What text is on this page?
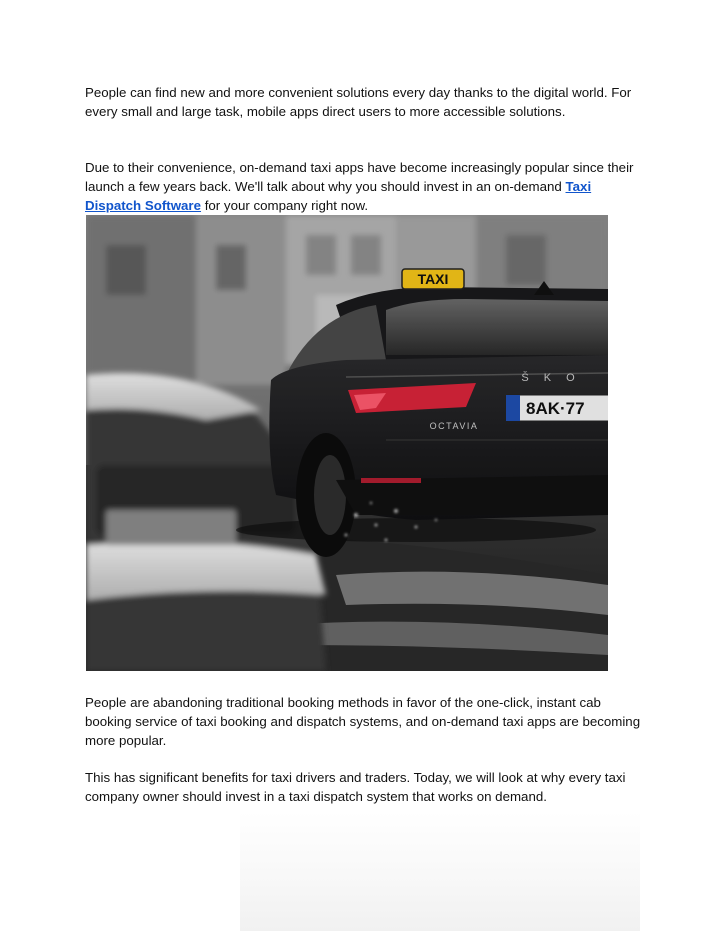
People can find new and more convenient solutions every day thanks to the digital world. For every small and large task, mobile apps direct users to more accessible solutions.

Due to their convenience, on-demand taxi apps have become increasingly popular since their launch a few years back. We'll talk about why you should invest in an on-demand Taxi Dispatch Software for your company right now.

TAXI
Š K O
OCTAVIA
8AK·77

People are abandoning traditional booking methods in favor of the one-click, instant cab booking service of taxi booking and dispatch systems, and on-demand taxi apps are becoming more popular.

This has significant benefits for taxi drivers and traders. Today, we will look at why every taxi company owner should invest in a taxi dispatch system that works on demand.
